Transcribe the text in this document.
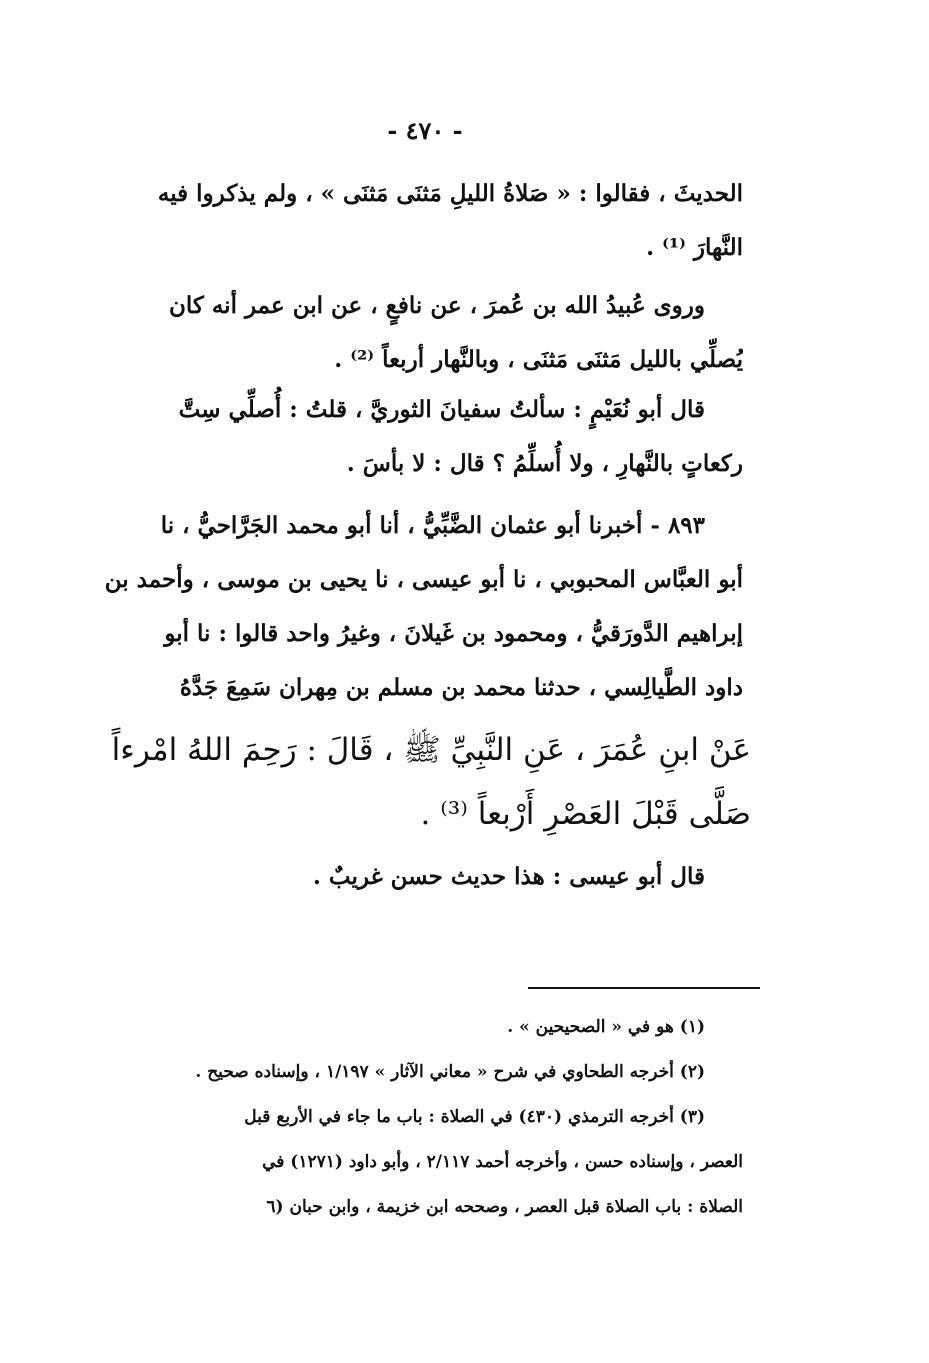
- ٤٧٠ -
الحديثَ ، فقالوا : « صَلاةُ الليلِ مَثنَى مَثنَى » ، ولم يذكروا فيه
النَّهارَ ⁽¹⁾ .
وروى عُبيدُ الله بن عُمرَ ، عن نافعٍ ، عن ابن عمر أنه كان
يُصلِّي بالليل مَثنَى مَثنَى ، وبالنَّهار أربعاً ⁽²⁾ .
قال أبو نُعَيْمٍ : سألتُ سفيانَ الثوريَّ ، قلتُ : أُصلِّي سِتَّ
ركعاتٍ بالنَّهارِ ، ولا أُسلِّمُ ؟ قال : لا بأسَ .
٨٩٣ - أخبرنا أبو عثمان الضَّبِّيُّ ، أنا أبو محمد الجَرَّاحيُّ ، نا
أبو العبَّاس المحبوبي ، نا أبو عيسى ، نا يحيى بن موسى ، وأحمد بن
إبراهيم الدَّورَقيُّ ، ومحمود بن غَيلانَ ، وغيرُ واحد قالوا : نا أبو
داود الطَّيالِسي ، حدثنا محمد بن مسلم بن مِهران سَمِعَ جَدَّهُ
عَنْ ابنِ عُمَرَ ، عَنِ النَّبِيِّ ﷺ ، قَالَ : رَحِمَ اللهُ امْرءاً
صَلَّى قَبْلَ العَصْرِ أَرْبعاً ⁽³⁾ .
قال أبو عيسى : هذا حديث حسن غريبٌ .
(١) هو في « الصحيحين » .
(٢) أخرجه الطحاوي في شرح « معاني الآثار » ١/١٩٧ ، وإسناده صحيح .
(٣) أخرجه الترمذي (٤٣٠) في الصلاة : باب ما جاء في الأربع قبل
العصر ، وإسناده حسن ، وأخرجه أحمد ٢/١١٧ ، وأبو داود (١٢٧١) في
الصلاة : باب الصلاة قبل العصر ، وصححه ابن خزيمة ، وابن حبان (٦
